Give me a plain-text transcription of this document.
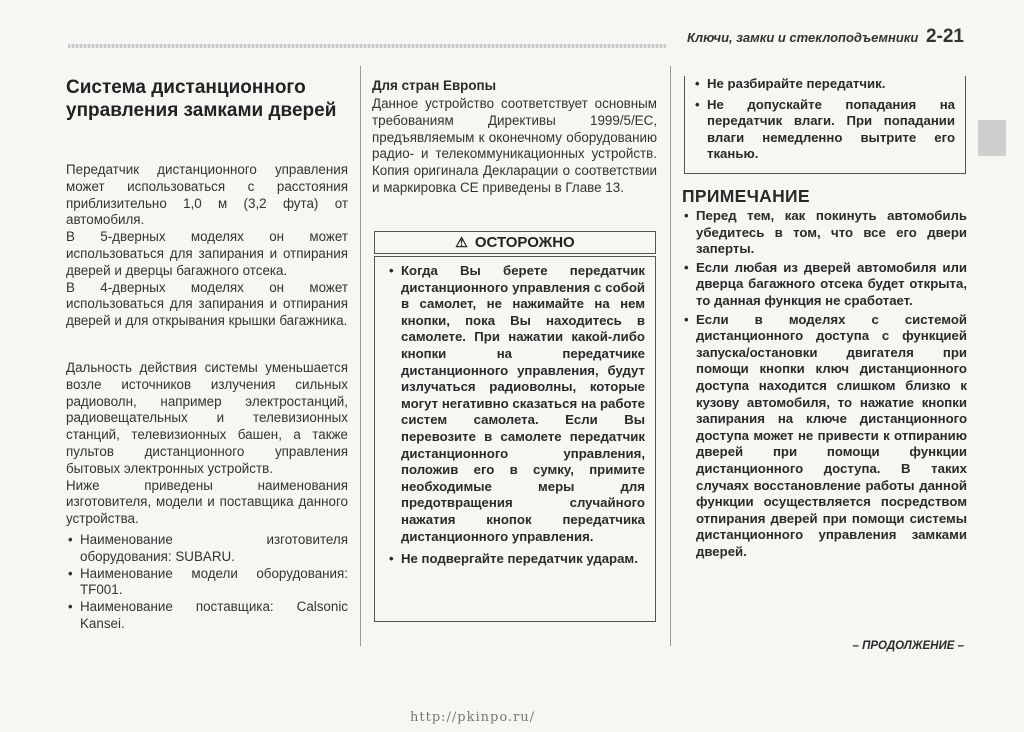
Ключи, замки и стеклоподъемники 2-21
Система дистанционного управления замками дверей

Передатчик дистанционного управления может использоваться с расстояния приблизительно 1,0 м (3,2 фута) от автомобиля.

В 5-дверных моделях он может использоваться для запирания и отпирания дверей и дверцы багажного отсека.

В 4-дверных моделях он может использоваться для запирания и отпирания дверей и для открывания крышки багажника.

Дальность действия системы уменьшается возле источников излучения сильных радиоволн, например электростанций, радиовещательных и телевизионных станций, телевизионных башен, а также пультов дистанционного управления бытовых электронных устройств.

Ниже приведены наименования изготовителя, модели и поставщика данного устройства.

• Наименование изготовителя оборудования: SUBARU.
• Наименование модели оборудования: TF001.
• Наименование поставщика: Calsonic Kansei.
Для стран Европы

Данное устройство соответствует основным требованиям Директивы 1999/5/EC, предъявляемым к оконечному оборудованию радио- и телекоммуникационных устройств. Копия оригинала Декларации о соответствии и маркировка CE приведены в Главе 13.

⚠ ОСТОРОЖНО
• Когда Вы берете передатчик дистанционного управления с собой в самолет, не нажимайте на нем кнопки, пока Вы находитесь в самолете. При нажатии какой-либо кнопки на передатчике дистанционного управления, будут излучаться радиоволны, которые могут негативно сказаться на работе систем самолета. Если Вы перевозите в самолете передатчик дистанционного управления, положив его в сумку, примите необходимые меры для предотвращения случайного нажатия кнопок передатчика дистанционного управления.
• Не подвергайте передатчик ударам.
• Не разбирайте передатчик.
• Не допускайте попадания на передатчик влаги. При попадании влаги немедленно вытрите его тканью.
ПРИМЕЧАНИЕ
• Перед тем, как покинуть автомобиль убедитесь в том, что все его двери заперты.
• Если любая из дверей автомобиля или дверца багажного отсека будет открыта, то данная функция не сработает.
• Если в моделях с системой дистанционного доступа с функцией запуска/остановки двигателя при помощи кнопки ключ дистанционного доступа находится слишком близко к кузову автомобиля, то нажатие кнопки запирания на ключе дистанционного доступа может не привести к отпиранию дверей при помощи функции дистанционного доступа. В таких случаях восстановление работы данной функции осуществляется посредством отпирания дверей при помощи системы дистанционного управления замками дверей.
– ПРОДОЛЖЕНИЕ –
http://pkinpo.ru/
